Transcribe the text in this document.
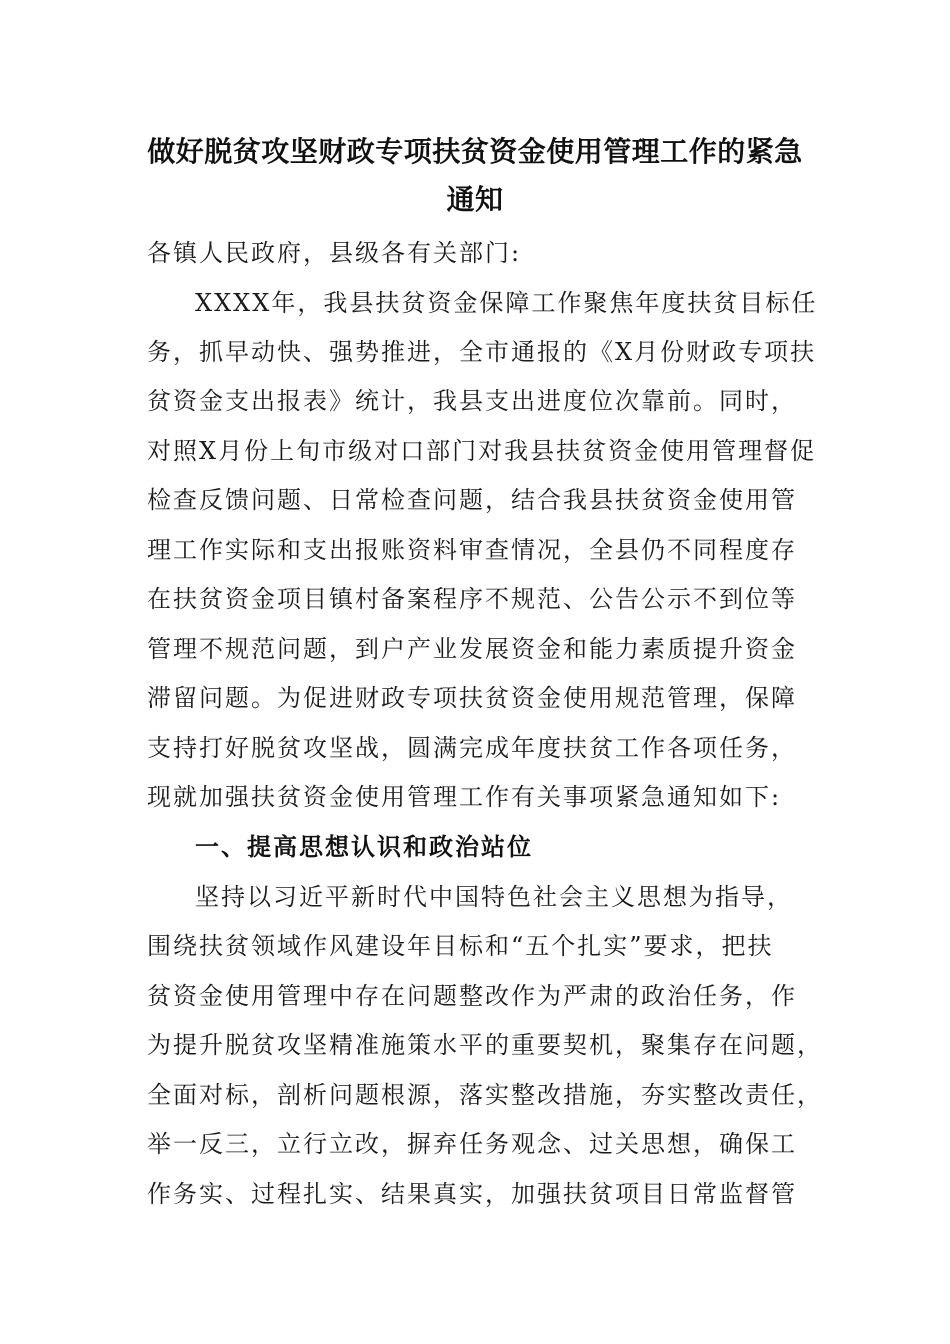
做好脱贫攻坚财政专项扶贫资金使用管理工作的紧急
通知
各镇人民政府，县级各有关部门:
XXXX年，我县扶贫资金保障工作聚焦年度扶贫目标任
务，抓早动快、强势推进，全市通报的《X月份财政专项扶
贫资金支出报表》统计，我县支出进度位次靠前。同时，
对照X月份上旬市级对口部门对我县扶贫资金使用管理督促
检查反馈问题、日常检查问题，结合我县扶贫资金使用管
理工作实际和支出报账资料审查情况，全县仍不同程度存
在扶贫资金项目镇村备案程序不规范、公告公示不到位等
管理不规范问题，到户产业发展资金和能力素质提升资金
滞留问题。为促进财政专项扶贫资金使用规范管理，保障
支持打好脱贫攻坚战，圆满完成年度扶贫工作各项任务，
现就加强扶贫资金使用管理工作有关事项紧急通知如下:
一、提高思想认识和政治站位
坚持以习近平新时代中国特色社会主义思想为指导，
围绕扶贫领域作风建设年目标和“五个扎实”要求，把扶
贫资金使用管理中存在问题整改作为严肃的政治任务，作
为提升脱贫攻坚精准施策水平的重要契机，聚集存在问题，
全面对标，剖析问题根源，落实整改措施，夯实整改责任，
举一反三，立行立改，摒弃任务观念、过关思想，确保工
作务实、过程扎实、结果真实，加强扶贫项目日常监督管
